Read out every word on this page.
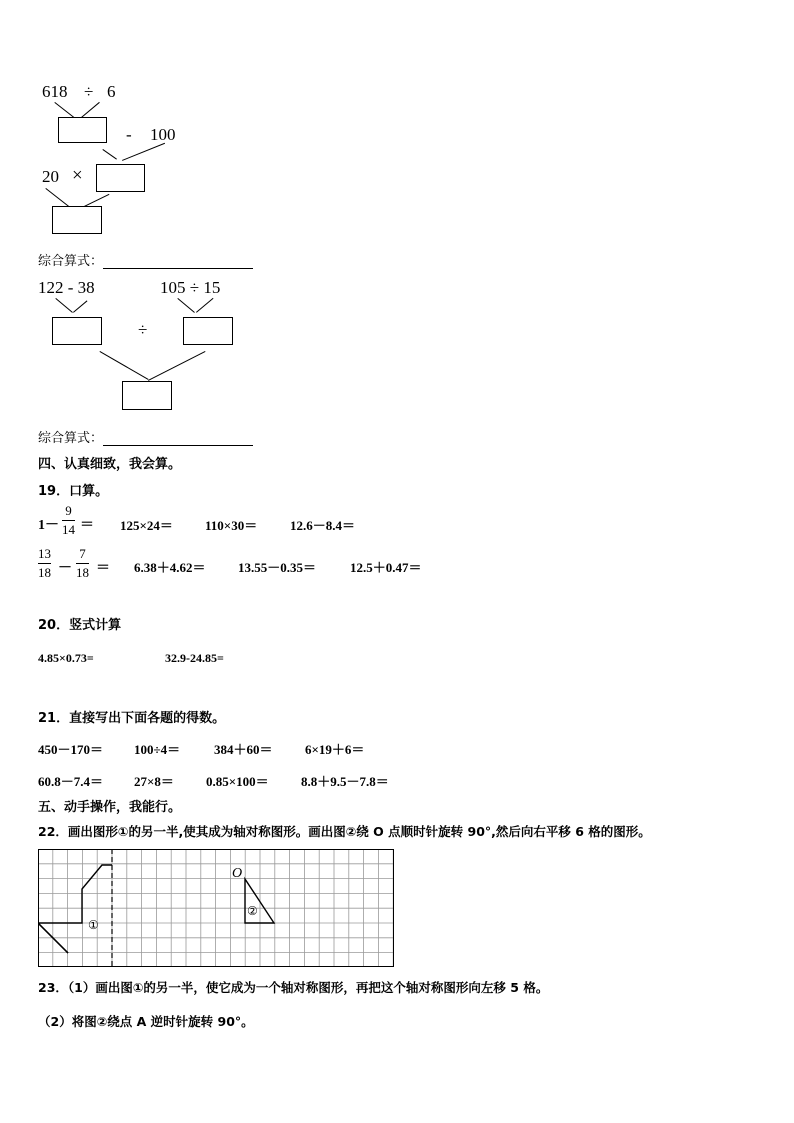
618 ÷ 6
- 100
20 ×
综合算式：
122 - 38	105 ÷ 15
÷
综合算式：
四、认真细致，我会算。
19．口算。
1－
9
14 ＝ 125×24＝ 110×30＝	12.6－8.4＝
13
18 －
7
18 ＝ 6.38＋4.62＝ 13.55－0.35＝	12.5＋0.47＝
20．竖式计算
4.85×0.73=	32.9-24.85=
21．直接写出下面各题的得数。
450－170＝ 100÷4＝	384＋60＝ 6×19＋6＝
60.8－7.4＝ 27×8＝ 0.85×100＝ 8.8＋9.5－7.8＝
五、动手操作，我能行。
22．画出图形①的另一半,使其成为轴对称图形。画出图②绕 O 点顺时针旋转 90°,然后向右平移 6 格的图形。
①
O
②
23．（1）画出图①的另一半，使它成为一个轴对称图形，再把这个轴对称图形向左移 5 格。
（2）将图②绕点 A 逆时针旋转 90°。
